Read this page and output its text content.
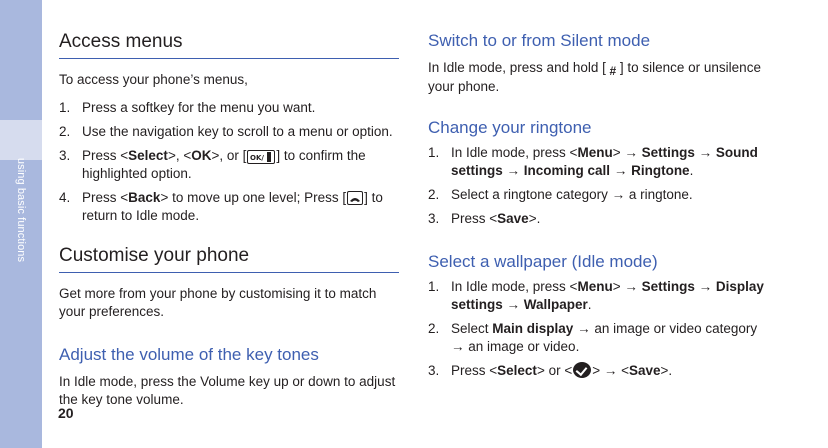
using basic functions
20
Access menus

To access your phone’s menus,

1. Press a softkey for the menu you want.
2. Use the navigation key to scroll to a menu or option.
3. Press <Select>, <OK>, or [ OK/ ] to confirm the highlighted option.
4. Press <Back> to move up one level; Press [ ] to return to Idle mode.
Customise your phone

Get more from your phone by customising it to match your preferences.

Adjust the volume of the key tones

In Idle mode, press the Volume key up or down to adjust the key tone volume.

Switch to or from Silent mode

In Idle mode, press and hold [ # ] to silence or unsilence your phone.

Change your ringtone
1. In Idle mode, press <Menu> → Settings → Sound settings → Incoming call → Ringtone.
2. Select a ringtone category → a ringtone.
3. Press <Save>.
Select a wallpaper (Idle mode)
1. In Idle mode, press <Menu> → Settings → Display settings → Wallpaper.
2. Select Main display → an image or video category → an image or video.
3. Press <Select> or < > → <Save>.
